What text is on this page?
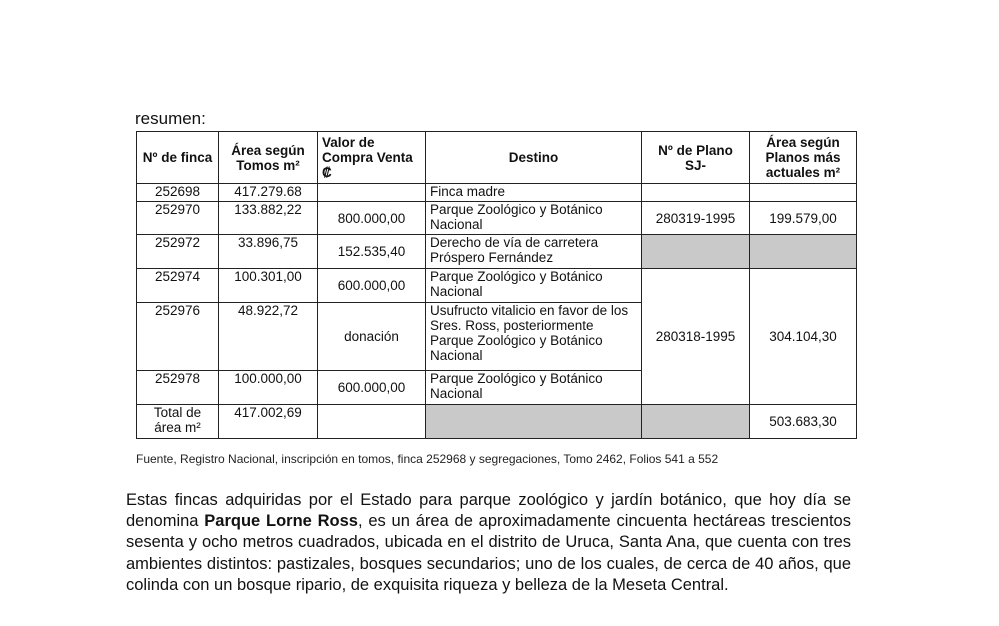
resumen:
Nº de finca	Área según Tomos m²	Valor de Compra Venta ₡	Destino	Nº de Plano SJ-	Área según Planos más actuales m²
252698	417.279.68		Finca madre		
252970	133.882,22	800.000,00	Parque Zoológico y Botánico Nacional	280319-1995	199.579,00
252972	33.896,75	152.535,40	Derecho de vía de carretera Próspero Fernández		
252974	100.301,00	600.000,00	Parque Zoológico y Botánico Nacional	280318-1995	304.104,30
252976	48.922,72	donación	Usufructo vitalicio en favor de los Sres. Ross, posteriormente Parque Zoológico y Botánico Nacional		
252978	100.000,00	600.000,00	Parque Zoológico y Botánico Nacional		
Total de área m²	417.002,69				503.683,30
Fuente, Registro Nacional, inscripción en tomos, finca 252968 y segregaciones, Tomo 2462, Folios 541 a 552

Estas fincas adquiridas por el Estado para parque zoológico y jardín botánico, que hoy día se denomina Parque Lorne Ross, es un área de aproximadamente cincuenta hectáreas trescientos sesenta y ocho metros cuadrados, ubicada en el distrito de Uruca, Santa Ana, que cuenta con tres ambientes distintos: pastizales, bosques secundarios; uno de los cuales, de cerca de 40 años, que colinda con un bosque ripario, de exquisita riqueza y belleza de la Meseta Central.
